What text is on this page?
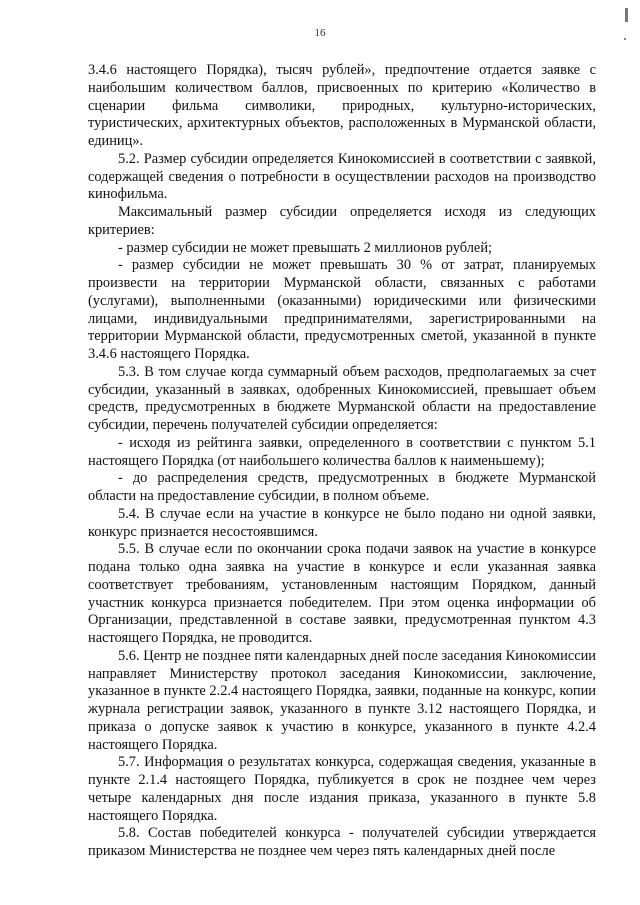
16

3.4.6 настоящего Порядка), тысяч рублей», предпочтение отдается заявке с наибольшим количеством баллов, присвоенных по критерию «Количество в сценарии фильма символики, природных, культурно-исторических, туристических, архитектурных объектов, расположенных в Мурманской области, единиц».

5.2. Размер субсидии определяется Кинокомиссией в соответствии с заявкой, содержащей сведения о потребности в осуществлении расходов на производство кинофильма.

Максимальный размер субсидии определяется исходя из следующих критериев:

- размер субсидии не может превышать 2 миллионов рублей;

- размер субсидии не может превышать 30 % от затрат, планируемых произвести на территории Мурманской области, связанных с работами (услугами), выполненными (оказанными) юридическими или физическими лицами, индивидуальными предпринимателями, зарегистрированными на территории Мурманской области, предусмотренных сметой, указанной в пункте 3.4.6 настоящего Порядка.

5.3. В том случае когда суммарный объем расходов, предполагаемых за счет субсидии, указанный в заявках, одобренных Кинокомиссией, превышает объем средств, предусмотренных в бюджете Мурманской области на предоставление субсидии, перечень получателей субсидии определяется:

- исходя из рейтинга заявки, определенного в соответствии с пунктом 5.1 настоящего Порядка (от наибольшего количества баллов к наименьшему);

- до распределения средств, предусмотренных в бюджете Мурманской области на предоставление субсидии, в полном объеме.

5.4. В случае если на участие в конкурсе не было подано ни одной заявки, конкурс признается несостоявшимся.

5.5. В случае если по окончании срока подачи заявок на участие в конкурсе подана только одна заявка на участие в конкурсе и если указанная заявка соответствует требованиям, установленным настоящим Порядком, данный участник конкурса признается победителем. При этом оценка информации об Организации, представленной в составе заявки, предусмотренная пунктом 4.3 настоящего Порядка, не проводится.

5.6. Центр не позднее пяти календарных дней после заседания Кинокомиссии направляет Министерству протокол заседания Кинокомиссии, заключение, указанное в пункте 2.2.4 настоящего Порядка, заявки, поданные на конкурс, копии журнала регистрации заявок, указанного в пункте 3.12 настоящего Порядка, и приказа о допуске заявок к участию в конкурсе, указанного в пункте 4.2.4 настоящего Порядка.

5.7. Информация о результатах конкурса, содержащая сведения, указанные в пункте 2.1.4 настоящего Порядка, публикуется в срок не позднее чем через четыре календарных дня после издания приказа, указанного в пункте 5.8 настоящего Порядка.

5.8. Состав победителей конкурса - получателей субсидии утверждается приказом Министерства не позднее чем через пять календарных дней после
